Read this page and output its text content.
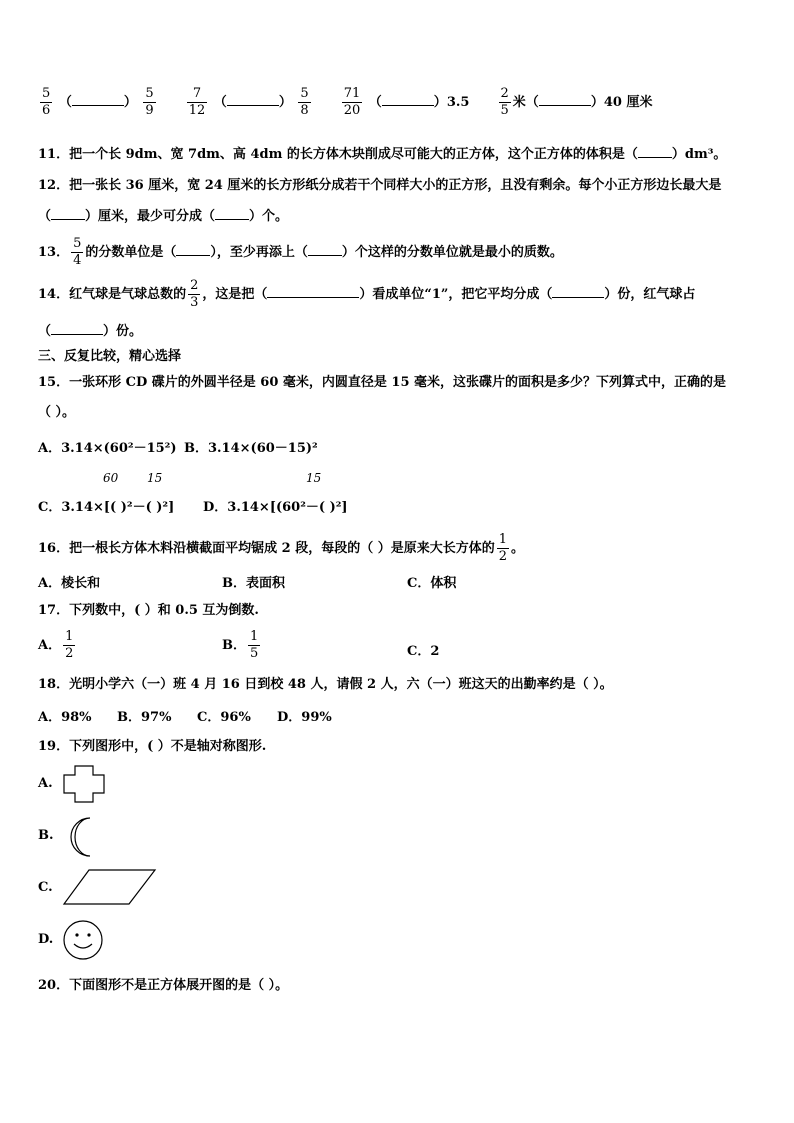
$\frac{5}{6}$ （	） $\frac{5}{9}$
$\frac{7}{12}$ （	） $\frac{5}{8}$
$\frac{71}{20}$ （	）$3.5 \frac{2}{5}$ 米（	）40 厘米
11．把一个长 9dm、宽 7dm、高 4dm 的长方体木块削成尽可能大的正方体，这个正方体的体积是（	）dm³。
12．把一张长 36 厘米，宽 24 厘米的长方形纸分成若干个同样大小的正方形，且没有剩余。每个小正方形边长最大是
（	）厘米，最少可分成（	）个。
13． $\frac{5}{4}$ 的分数单位是（	），至少再添上（	）个这样的分数单位就是最小的质数。
14．红气球是气球总数的 $\frac{2}{3}$ ，这是把（	）看成单位“1”，把它平均分成（	）份，红气球占
（	）份。
三、反复比较，精心选择
15．一张环形 CD 碟片的外圆半径是 60 毫米，内圆直径是 15 毫米，这张碟片的面积是多少？下列算式中，正确的是
（ ）。
A．3.14×(60²－15²) B．3.14×(60－15)²
60 15	15
C．3.14×[( )²－( )²] D．3.14×[(60²－( )²]
16．把一根长方体木料沿横截面平均锯成 2 段，每段的（ ）是原来大长方体的 $\frac{1}{2}$ 。
A．棱长和	B．表面积	C．体积
17．下列数中，( ）和 0.5 互为倒数.
A． $\frac{1}{2}$	B． $\frac{1}{5}$	C．2
18．光明小学六（一）班 4 月 16 日到校 48 人，请假 2 人，六（一）班这天的出勤率约是（ ）。
A．98% B．97% C．96% D．99%
19．下列图形中，( ）不是轴对称图形.
A.
B.
C.
D.
20．下面图形不是正方体展开图的是（ ）。
